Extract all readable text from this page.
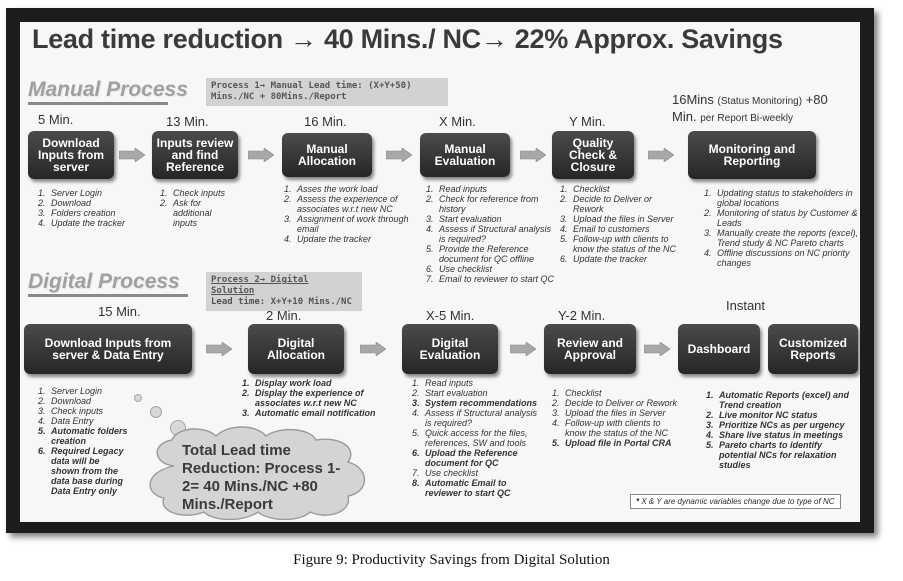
Lead time reduction → 40 Mins./ NC→ 22% Approx. Savings
Manual Process	Process 1→ Manual Lead time: (X+Y+50) Mins./NC + 80Mins./Report
5 Min.	13 Min.	16 Min.	X Min.	Y Min.
16Mins (Status Monitoring) +80
Min. per Report Bi-weekly
Download Inputs from server
Inputs review and find Reference
Manual Allocation
Manual Evaluation
Quality Check & Closure
Monitoring and Reporting
1. Server Login
2. Download
3. Folders creation
4. Update the tracker
1. Check inputs
2. Ask for additional inputs
1. Asses the work load
2. Assess the experience of associates w.r.t new NC
3. Assignment of work through email
4. Update the tracker
1. Read inputs
2. Check for reference from history
3. Start evaluation
4. Assess if Structural analysis is required?
5. Provide the Reference document for QC offline
6. Use checklist
7. Email to reviewer to start QC
1. Checklist
2. Decide to Deliver or Rework
3. Upload the files in Server
4. Email to customers
5. Follow-up with clients to know the status of the NC
6. Update the tracker
1. Updating status to stakeholders in global locations
2. Monitoring of status by Customer & Leads
3. Manually create the reports (excel), Trend study & NC Pareto charts
4. Offline discussions on NC priority changes
Digital Process	Process 2→ Digital Solution
Lead time: X+Y+10 Mins./NC
15 Min.	2 Min.	X-5 Min.	Y-2 Min.
Instant
Download Inputs from server & Data Entry
Digital Allocation
Digital Evaluation
Review and Approval	Dashboard	Customized Reports
1. Server Login
2. Download
3. Check inputs
4. Data Entry
5. Automatic folders creation
6. Required Legacy data will be shown from the data base during Data Entry only
1. Display work load
2. Display the experience of associates w.r.t new NC
3. Automatic email notification
1. Read inputs
2. Start evaluation
3. System recommendations
4. Assess if Structural analysis is required?
5. Quick access for the files, references, SW and tools
6. Upload the Reference document for QC
7. Use checklist
8. Automatic Email to reviewer to start QC
1. Checklist
2. Decide to Deliver or Rework
3. Upload the files in Server
4. Follow-up with clients to know the status of the NC
5. Upload file in Portal CRA
1. Automatic Reports (excel) and Trend creation
2. Live monitor NC status
3. Prioritize NCs as per urgency
4. Share live status in meetings
5. Pareto charts to identify potential NCs for relaxation studies
Total Lead time Reduction: Process 1- 2= 40 Mins./NC +80 Mins./Report	* X & Y are dynamic variables change due to type of NC
Figure 9: Productivity Savings from Digital Solution
